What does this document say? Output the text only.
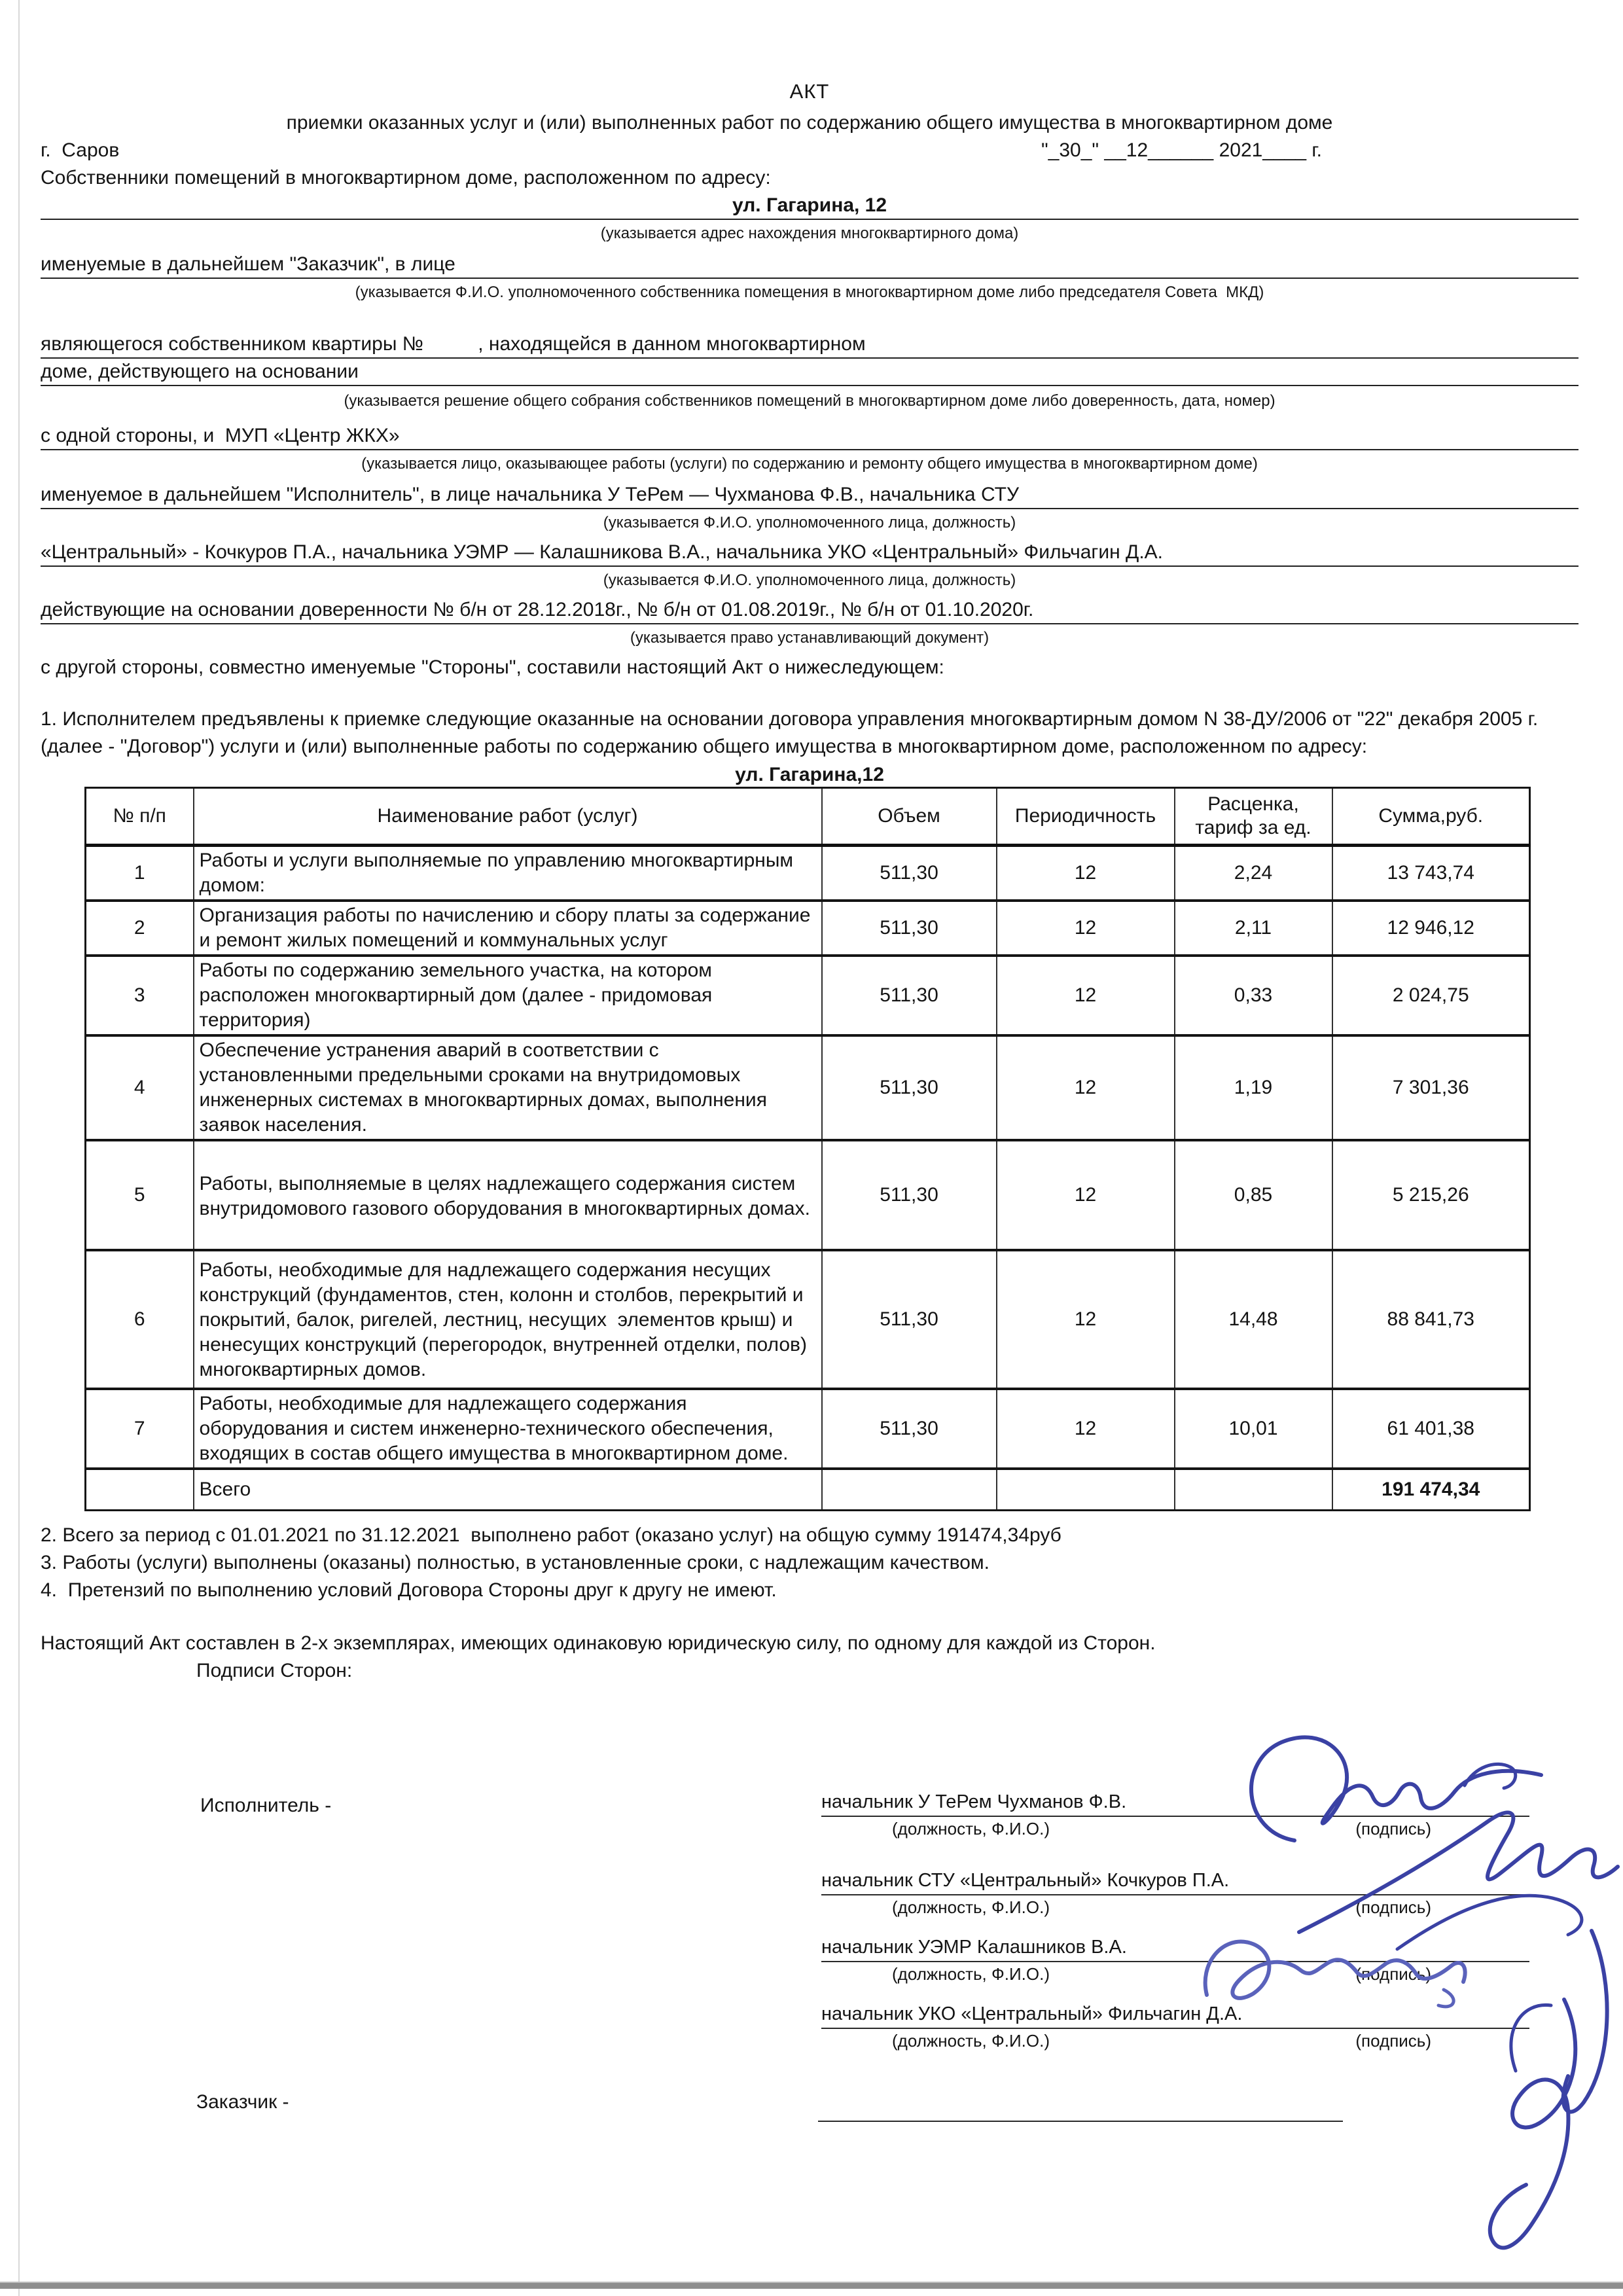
АКТ
приемки оказанных услуг и (или) выполненных работ по содержанию общего имущества в многоквартирном доме
г.  Саров	"_30_" __12______ 2021____ г.
Собственники помещений в многоквартирном доме, расположенном по адресу:
ул. Гагарина, 12
(указывается адрес нахождения многоквартирного дома)
именуемые в дальнейшем "Заказчик", в лице
(указывается Ф.И.О. уполномоченного собственника помещения в многоквартирном доме либо председателя Совета  МКД)
являющегося собственником квартиры №          , находящейся в данном многоквартирном
доме, действующего на основании
(указывается решение общего собрания собственников помещений в многоквартирном доме либо доверенность, дата, номер)
с одной стороны, и  МУП «Центр ЖКХ»
(указывается лицо, оказывающее работы (услуги) по содержанию и ремонту общего имущества в многоквартирном доме)
именуемое в дальнейшем "Исполнитель", в лице начальника У ТеРем — Чухманова Ф.В., начальника СТУ
(указывается Ф.И.О. уполномоченного лица, должность)
«Центральный» - Кочкуров П.А., начальника УЭМР — Калашникова В.А., начальника УКО «Центральный» Фильчагин Д.А.
(указывается Ф.И.О. уполномоченного лица, должность)
действующие на основании доверенности № б/н от 28.12.2018г., № б/н от 01.08.2019г., № б/н от 01.10.2020г.
(указывается право устанавливающий документ)
с другой стороны, совместно именуемые "Стороны", составили настоящий Акт о нижеследующем:
1. Исполнителем предъявлены к приемке следующие оказанные на основании договора управления многоквартирным домом N 38-ДУ/2006 от "22" декабря 2005 г. (далее - "Договор") услуги и (или) выполненные работы по содержанию общего имущества в многоквартирном доме, расположенном по адресу:
ул. Гагарина,12
№ п/п	Наименование работ (услуг)	Объем	Периодичность	Расценка, тариф за ед.	Сумма,руб.
1	Работы и услуги выполняемые по управлению многоквартирным домом:	511,30	12	2,24	13 743,74
2	Организация работы по начислению и сбору платы за содержание и ремонт жилых помещений и коммунальных услуг	511,30	12	2,11	12 946,12
3	Работы по содержанию земельного участка, на котором расположен многоквартирный дом (далее - придомовая территория)	511,30	12	0,33	2 024,75
4	Обеспечение устранения аварий в соответствии с установленными предельными сроками на внутридомовых инженерных системах в многоквартирных домах, выполнения заявок населения.	511,30	12	1,19	7 301,36
5	Работы, выполняемые в целях надлежащего содержания систем внутридомового газового оборудования в многоквартирных домах.	511,30	12	0,85	5 215,26
6	Работы, необходимые для надлежащего содержания несущих конструкций (фундаментов, стен, колонн и столбов, перекрытий и покрытий, балок, ригелей, лестниц, несущих  элементов крыш) и ненесущих конструкций (перегородок, внутренней отделки, полов) многоквартирных домов.	511,30	12	14,48	88 841,73
7	Работы, необходимые для надлежащего содержания оборудования и систем инженерно-технического обеспечения,  входящих в состав общего имущества в многоквартирном доме.	511,30	12	10,01	61 401,38
	Всего				191 474,34
2. Всего за период с 01.01.2021 по 31.12.2021  выполнено работ (оказано услуг) на общую сумму 191474,34руб
3. Работы (услуги) выполнены (оказаны) полностью, в установленные сроки, с надлежащим качеством.
4.  Претензий по выполнению условий Договора Стороны друг к другу не имеют.
Настоящий Акт составлен в 2-х экземплярах, имеющих одинаковую юридическую силу, по одному для каждой из Сторон.
Подписи Сторон:
Исполнитель -	начальник У ТеРем Чухманов Ф.В.
(должность, Ф.И.О.)	(подпись)
начальник СТУ «Центральный» Кочкуров П.А.
(должность, Ф.И.О.)	(подпись)
начальник УЭМР Калашников В.А.
(должность, Ф.И.О.)	(подпись)
начальник УКО «Центральный» Фильчагин Д.А.
(должность, Ф.И.О.)	(подпись)
Заказчик -
